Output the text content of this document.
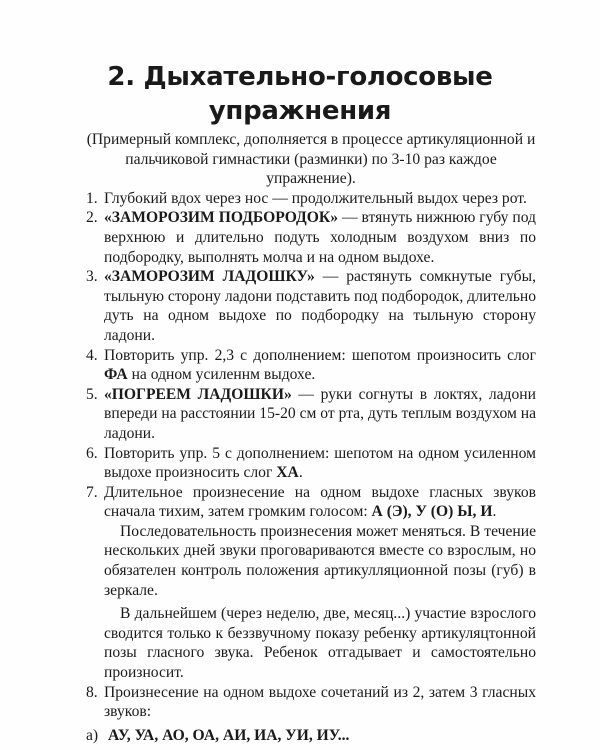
2. Дыхательно-голосовые
упражнения

(Примерный комплекс, дополняется в процессе артикуляционной и пальчиковой гимнастики (разминки) по 3-10 раз каждое упражнение).

1. Глубокий вдох через нос — продолжительный выдох через рот.
2. «ЗАМОРОЗИМ ПОДБОРОДОК» — втянуть нижнюю губу под верхнюю и длительно подуть холодным воздухом вниз по подбородку, выполнять молча и на одном выдохе.
3. «ЗАМОРОЗИМ ЛАДОШКУ» — растянуть сомкнутые губы, тыльную сторону ладони подставить под подбородок, длительно дуть на одном выдохе по подбородку на тыльную сторону ладони.
4. Повторить упр. 2,3 с дополнением: шепотом произносить слог ФА на одном усиленнм выдохе.
5. «ПОГРЕЕМ ЛАДОШКИ» — руки согнуты в локтях, ладони впереди на расстоянии 15-20 см от рта, дуть теплым воздухом на ладони.
6. Повторить упр. 5 с дополнением: шепотом на одном усиленном выдохе произносить слог ХА.
7. Длительное произнесение на одном выдохе гласных звуков сначала тихим, затем громким голосом: А (Э), У (О) Ы, И.

Последовательность произнесения может меняться. В течение нескольких дней звуки проговариваются вместе со взрослым, но обязателен контроль положения артикулляционной позы (губ) в зеркале.

В дальнейшем (через неделю, две, месяц...) участие взрослого сводится только к беззвучному показу ребенку артикуляцтонной позы гласного звука. Ребенок отгадывает и самостоятельно произносит.

8. Произнесение на одном выдохе сочетаний из 2, затем 3 гласных звуков:
а) АУ, УА, АО, ОА, АИ, ИА, УИ, ИУ...
